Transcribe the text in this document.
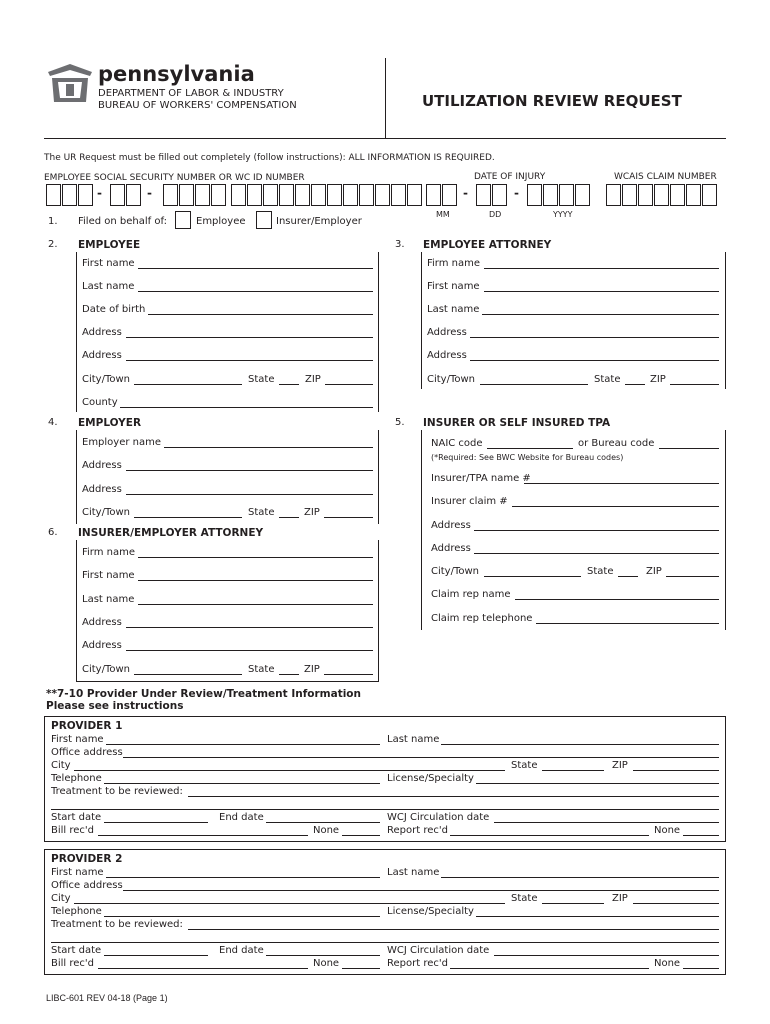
pennsylvania
DEPARTMENT OF LABOR & INDUSTRY
BUREAU OF WORKERS' COMPENSATION	UTILIZATION REVIEW REQUEST
The UR Request must be filled out completely (follow instructions): ALL INFORMATION IS REQUIRED.
EMPLOYEE SOCIAL SECURITY NUMBER OR WC ID NUMBER	DATE OF INJURY	WCAIS CLAIM NUMBER
-	-	-	-
MM	DD	YYYY
1. Filed on behalf of:	Employee	Insurer/Employer
2. EMPLOYEE
First name
Last name
Date of birth
Address
Address
City/Town	State	ZIP
County
3. EMPLOYEE ATTORNEY
Firm name
First name
Last name
Address
Address
City/Town	State	ZIP
4. EMPLOYER
Employer name
Address
Address
City/Town	State	ZIP
5. INSURER OR SELF INSURED TPA
NAIC code	or Bureau code
(*Required: See BWC Website for Bureau codes)
Insurer/TPA name #
Insurer claim #
Address
Address
City/Town	State	ZIP
Claim rep name
Claim rep telephone
6. INSURER/EMPLOYER ATTORNEY
Firm name
First name
Last name
Address
Address
City/Town	State	ZIP
**7-10 Provider Under Review/Treatment Information
Please see instructions
PROVIDER 1
First name	Last name
Office address
City	State	ZIP
Telephone	License/Specialty
Treatment to be reviewed:
Start date	End date	WCJ Circulation date
Bill rec'd	None	Report rec'd	None
PROVIDER 2
First name	Last name
Office address
City	State	ZIP
Telephone	License/Specialty
Treatment to be reviewed:
Start date	End date	WCJ Circulation date
Bill rec'd	None	Report rec'd	None
LIBC-601 REV 04-18 (Page 1)
